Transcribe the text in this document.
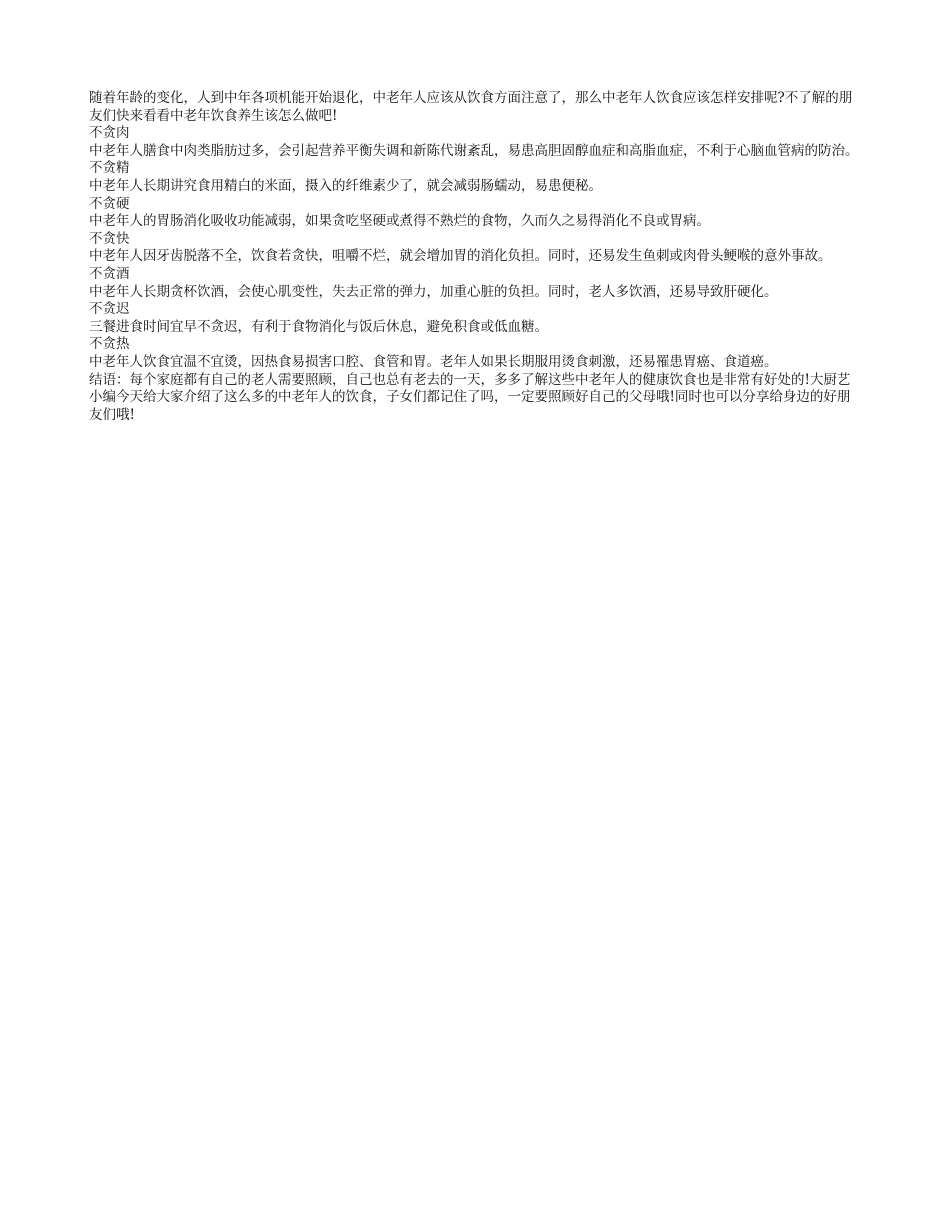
随着年龄的变化，人到中年各项机能开始退化，中老年人应该从饮食方面注意了，那么中老年人饮食应该怎样安排呢?不了解的朋友们快来看看中老年饮食养生该怎么做吧!

不贪肉

中老年人膳食中肉类脂肪过多，会引起营养平衡失调和新陈代谢紊乱，易患高胆固醇血症和高脂血症，不利于心脑血管病的防治。

不贪精

中老年人长期讲究食用精白的米面，摄入的纤维素少了，就会减弱肠蠕动，易患便秘。

不贪硬

中老年人的胃肠消化吸收功能减弱，如果贪吃坚硬或煮得不熟烂的食物，久而久之易得消化不良或胃病。

不贪快

中老年人因牙齿脱落不全，饮食若贪快，咀嚼不烂，就会增加胃的消化负担。同时，还易发生鱼刺或肉骨头鲠喉的意外事故。

不贪酒

中老年人长期贪杯饮酒，会使心肌变性，失去正常的弹力，加重心脏的负担。同时，老人多饮酒，还易导致肝硬化。

不贪迟

三餐进食时间宜早不贪迟，有利于食物消化与饭后休息，避免积食或低血糖。

不贪热

中老年人饮食宜温不宜烫，因热食易损害口腔、食管和胃。老年人如果长期服用烫食刺激，还易罹患胃癌、食道癌。

结语：每个家庭都有自己的老人需要照顾，自己也总有老去的一天，多多了解这些中老年人的健康饮食也是非常有好处的!大厨艺小编今天给大家介绍了这么多的中老年人的饮食，子女们都记住了吗，一定要照顾好自己的父母哦!同时也可以分享给身边的好朋友们哦!
